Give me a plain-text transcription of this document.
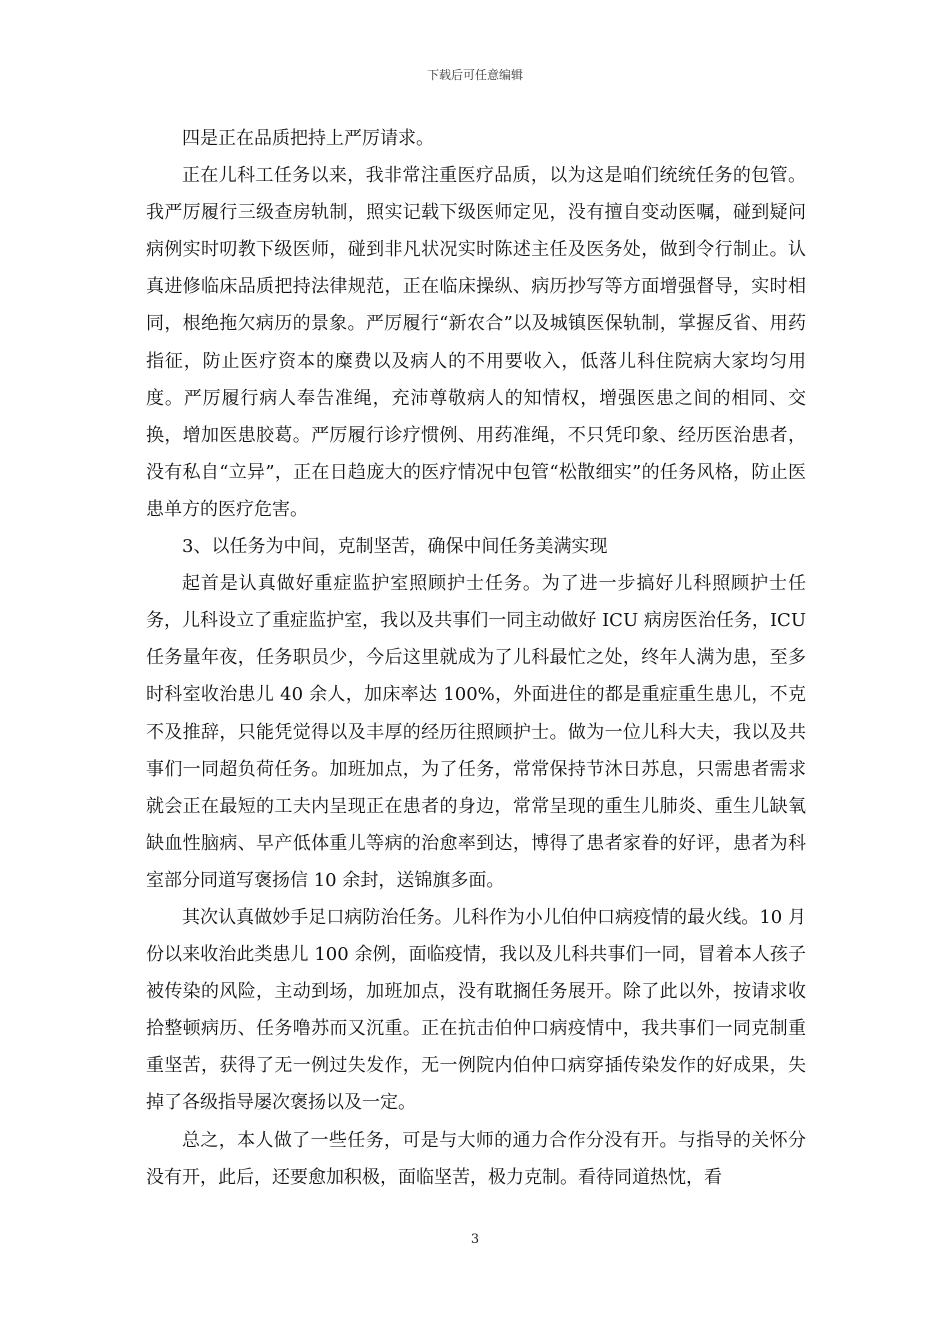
下载后可任意编辑

四是正在品质把持上严厉请求。

正在儿科工任务以来，我非常注重医疗品质，以为这是咱们统统任务的包管。我严厉履行三级查房轨制，照实记载下级医师定见，没有擅自变动医嘱，碰到疑问病例实时叨教下级医师，碰到非凡状况实时陈述主任及医务处，做到令行制止。认真进修临床品质把持法律规范，正在临床操纵、病历抄写等方面增强督导，实时相同，根绝拖欠病历的景象。严厉履行“新农合”以及城镇医保轨制，掌握反省、用药指征，防止医疗资本的糜费以及病人的不用要收入，低落儿科住院病大家均匀用度。严厉履行病人奉告准绳，充沛尊敬病人的知情权，增强医患之间的相同、交换，增加医患胶葛。严厉履行诊疗惯例、用药准绳，不只凭印象、经历医治患者，没有私自“立异”，正在日趋庞大的医疗情况中包管“松散细实”的任务风格，防止医患单方的医疗危害。

3、以任务为中间，克制坚苦，确保中间任务美满实现

起首是认真做好重症监护室照顾护士任务。为了进一步搞好儿科照顾护士任务，儿科设立了重症监护室，我以及共事们一同主动做好 ICU 病房医治任务，ICU 任务量年夜，任务职员少，今后这里就成为了儿科最忙之处，终年人满为患，至多时科室收治患儿 40 余人，加床率达 100%，外面进住的都是重症重生患儿，不克不及推辞，只能凭觉得以及丰厚的经历往照顾护士。做为一位儿科大夫，我以及共事们一同超负荷任务。加班加点，为了任务，常常保持节沐日苏息，只需患者需求就会正在最短的工夫内呈现正在患者的身边，常常呈现的重生儿肺炎、重生儿缺氧缺血性脑病、早产低体重儿等病的治愈率到达，博得了患者家眷的好评，患者为科室部分同道写褒扬信 10 余封，送锦旗多面。

其次认真做妙手足口病防治任务。儿科作为小儿伯仲口病疫情的最火线。10 月份以来收治此类患儿 100 余例，面临疫情，我以及儿科共事们一同，冒着本人孩子被传染的风险，主动到场，加班加点，没有耽搁任务展开。除了此以外，按请求收拾整顿病历、任务噜苏而又沉重。正在抗击伯仲口病疫情中，我共事们一同克制重重坚苦，获得了无一例过失发作，无一例院内伯仲口病穿插传染发作的好成果，失掉了各级指导屡次褒扬以及一定。

总之，本人做了一些任务，可是与大师的通力合作分没有开。与指导的关怀分没有开，此后，还要愈加积极，面临坚苦，极力克制。看待同道热忱，看

3
